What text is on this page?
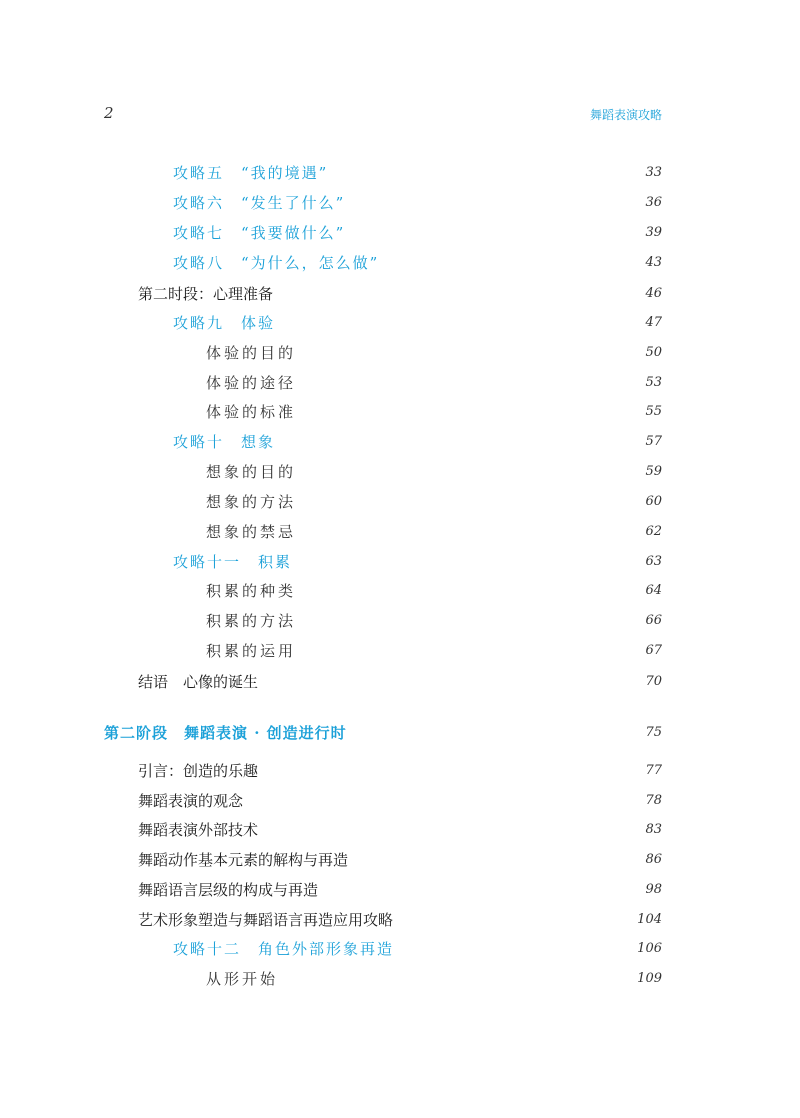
2	舞蹈表演攻略
攻略五　“我的境遇”	33
攻略六　“发生了什么”	36
攻略七　“我要做什么”	39
攻略八　“为什么，怎么做”	43
第二时段：心理准备	46
攻略九　体验	47
体验的目的	50
体验的途径	53
体验的标准	55
攻略十　想象	57
想象的目的	59
想象的方法	60
想象的禁忌	62
攻略十一　积累	63
积累的种类	64
积累的方法	66
积累的运用	67
结语　心像的诞生	70
第二阶段　舞蹈表演 · 创造进行时	75
引言：创造的乐趣	77
舞蹈表演的观念	78
舞蹈表演外部技术	83
舞蹈动作基本元素的解构与再造	86
舞蹈语言层级的构成与再造	98
艺术形象塑造与舞蹈语言再造应用攻略	104
攻略十二　角色外部形象再造	106
从形开始	109
